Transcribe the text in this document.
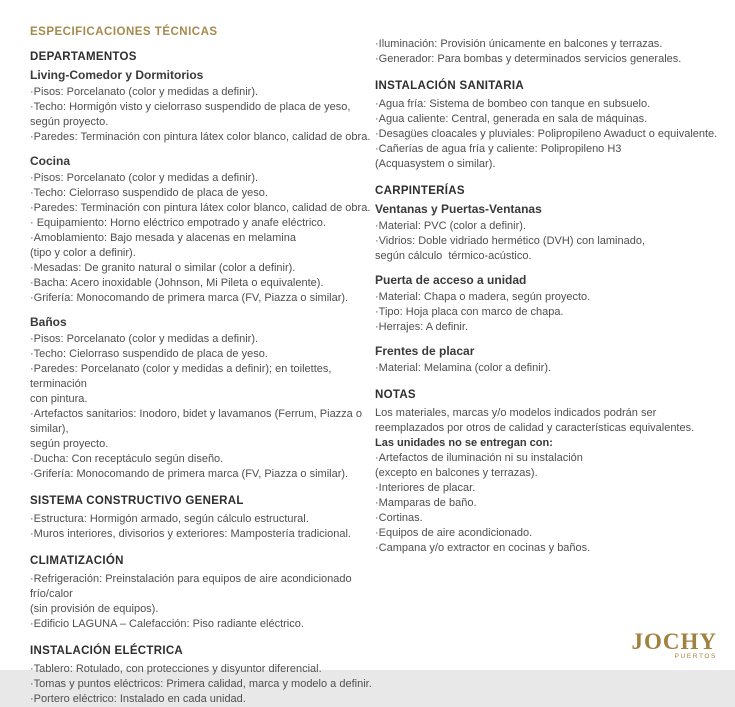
ESPECIFICACIONES TÉCNICAS
DEPARTAMENTOS
Living-Comedor y Dormitorios
·Pisos: Porcelanato (color y medidas a definir).
·Techo: Hormigón visto y cielorraso suspendido de placa de yeso,
según proyecto.
·Paredes: Terminación con pintura látex color blanco, calidad de obra.
Cocina
·Pisos: Porcelanato (color y medidas a definir).
·Techo: Cielorraso suspendido de placa de yeso.
·Paredes: Terminación con pintura látex color blanco, calidad de obra.
· Equipamiento: Horno eléctrico empotrado y anafe eléctrico.
·Amoblamiento: Bajo mesada y alacenas en melamina
(tipo y color a definir).
·Mesadas: De granito natural o similar (color a definir).
·Bacha: Acero inoxidable (Johnson, Mi Pileta o equivalente).
·Grifería: Monocomando de primera marca (FV, Piazza o similar).
Baños
·Pisos: Porcelanato (color y medidas a definir).
·Techo: Cielorraso suspendido de placa de yeso.
·Paredes: Porcelanato (color y medidas a definir); en toilettes, terminación
con pintura.
·Artefactos sanitarios: Inodoro, bidet y lavamanos (Ferrum, Piazza o similar),
según proyecto.
·Ducha: Con receptáculo según diseño.
·Grifería: Monocomando de primera marca (FV, Piazza o similar).
SISTEMA CONSTRUCTIVO GENERAL
·Estructura: Hormigón armado, según cálculo estructural.
·Muros interiores, divisorios y exteriores: Mampostería tradicional.
CLIMATIZACIÓN
·Refrigeración: Preinstalación para equipos de aire acondicionado frío/calor
(sin provisión de equipos).
·Edificio LAGUNA – Calefacción: Piso radiante eléctrico.
INSTALACIÓN ELÉCTRICA
·Tablero: Rotulado, con protecciones y disyuntor diferencial.
·Tomas y puntos eléctricos: Primera calidad, marca y modelo a definir.
·Portero eléctrico: Instalado en cada unidad.
·Iluminación: Provisión únicamente en balcones y terrazas.
·Generador: Para bombas y determinados servicios generales.
INSTALACIÓN SANITARIA
·Agua fría: Sistema de bombeo con tanque en subsuelo.
·Agua caliente: Central, generada en sala de máquinas.
·Desagües cloacales y pluviales: Polipropileno Awaduct o equivalente.
·Cañerías de agua fría y caliente: Polipropileno H3
(Acquasystem o similar).
CARPINTERÍAS
Ventanas y Puertas-Ventanas
·Material: PVC (color a definir).
·Vidrios: Doble vidriado hermético (DVH) con laminado,
según cálculo  térmico-acústico.
Puerta de acceso a unidad
·Material: Chapa o madera, según proyecto.
·Tipo: Hoja placa con marco de chapa.
·Herrajes: A definir.
Frentes de placar
·Material: Melamina (color a definir).
NOTAS
Los materiales, marcas y/o modelos indicados podrán ser
reemplazados por otros de calidad y características equivalentes.
Las unidades no se entregan con:
·Artefactos de iluminación ni su instalación
(excepto en balcones y terrazas).
·Interiores de placar.
·Mamparas de baño.
·Cortinas.
·Equipos de aire acondicionado.
·Campana y/o extractor en cocinas y baños.
JOCHY
PUERTOS
